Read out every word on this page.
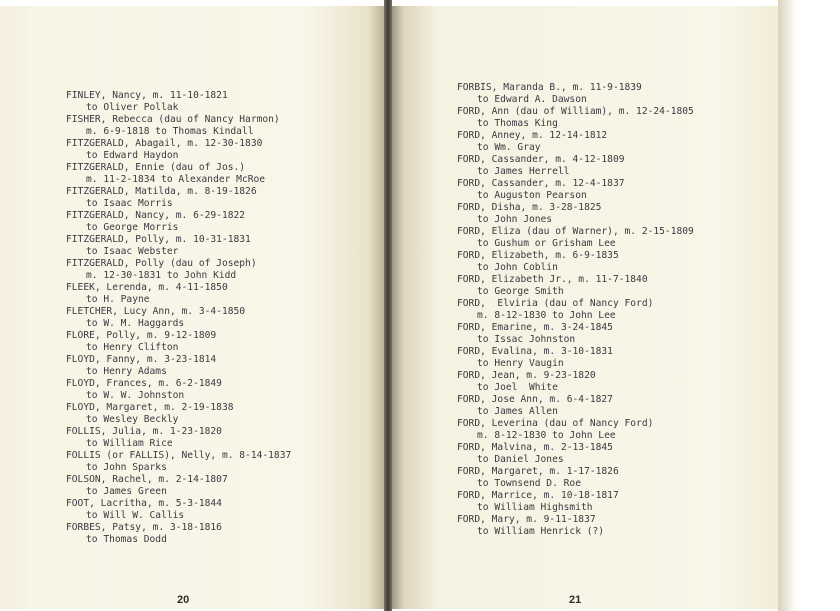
FINLEY, Nancy, m. 11-10-1821
to Oliver Pollak
FISHER, Rebecca (dau of Nancy Harmon)
m. 6-9-1818 to Thomas Kindall
FITZGERALD, Abagail, m. 12-30-1830
to Edward Haydon
FITZGERALD, Ennie (dau of Jos.)
m. 11-2-1834 to Alexander McRoe
FITZGERALD, Matilda, m. 8-19-1826
to Isaac Morris
FITZGERALD, Nancy, m. 6-29-1822
to George Morris
FITZGERALD, Polly, m. 10-31-1831
to Isaac Webster
FITZGERALD, Polly (dau of Joseph)
m. 12-30-1831 to John Kidd
FLEEK, Lerenda, m. 4-11-1850
to H. Payne
FLETCHER, Lucy Ann, m. 3-4-1850
to W. M. Haggards
FLORE, Polly, m. 9-12-1809
to Henry Clifton
FLOYD, Fanny, m. 3-23-1814
to Henry Adams
FLOYD, Frances, m. 6-2-1849
to W. W. Johnston
FLOYD, Margaret, m. 2-19-1838
to Wesley Beckly
FOLLIS, Julia, m. 1-23-1820
to William Rice
FOLLIS (or FALLIS), Nelly, m. 8-14-1837
to John Sparks
FOLSON, Rachel, m. 2-14-1807
to James Green
FOOT, Lacritha, m. 5-3-1844
to Will W. Callis
FORBES, Patsy, m. 3-18-1816
to Thomas Dodd
20
FORBIS, Maranda B., m. 11-9-1839
to Edward A. Dawson
FORD, Ann (dau of William), m. 12-24-1805
to Thomas King
FORD, Anney, m. 12-14-1812
to Wm. Gray
FORD, Cassander, m. 4-12-1809
to James Herrell
FORD, Cassander, m. 12-4-1837
to Auguston Pearson
FORD, Disha, m. 3-28-1825
to John Jones
FORD, Eliza (dau of Warner), m. 2-15-1809
to Gushum or Grisham Lee
FORD, Elizabeth, m. 6-9-1835
to John Coblin
FORD, Elizabeth Jr., m. 11-7-1840
to George Smith
FORD,  Elviria (dau of Nancy Ford)
m. 8-12-1830 to John Lee
FORD, Emarine, m. 3-24-1845
to Issac Johnston
FORD, Evalina, m. 3-10-1831
to Henry Vaugin
FORD, Jean, m. 9-23-1820
to Joel  White
FORD, Jose Ann, m. 6-4-1827
to James Allen
FORD, Leverina (dau of Nancy Ford)
m. 8-12-1830 to John Lee
FORD, Malvina, m. 2-13-1845
to Daniel Jones
FORD, Margaret, m. 1-17-1826
to Townsend D. Roe
FORD, Marrice, m. 10-18-1817
to William Highsmith
FORD, Mary, m. 9-11-1837
to William Henrick (?)
21
